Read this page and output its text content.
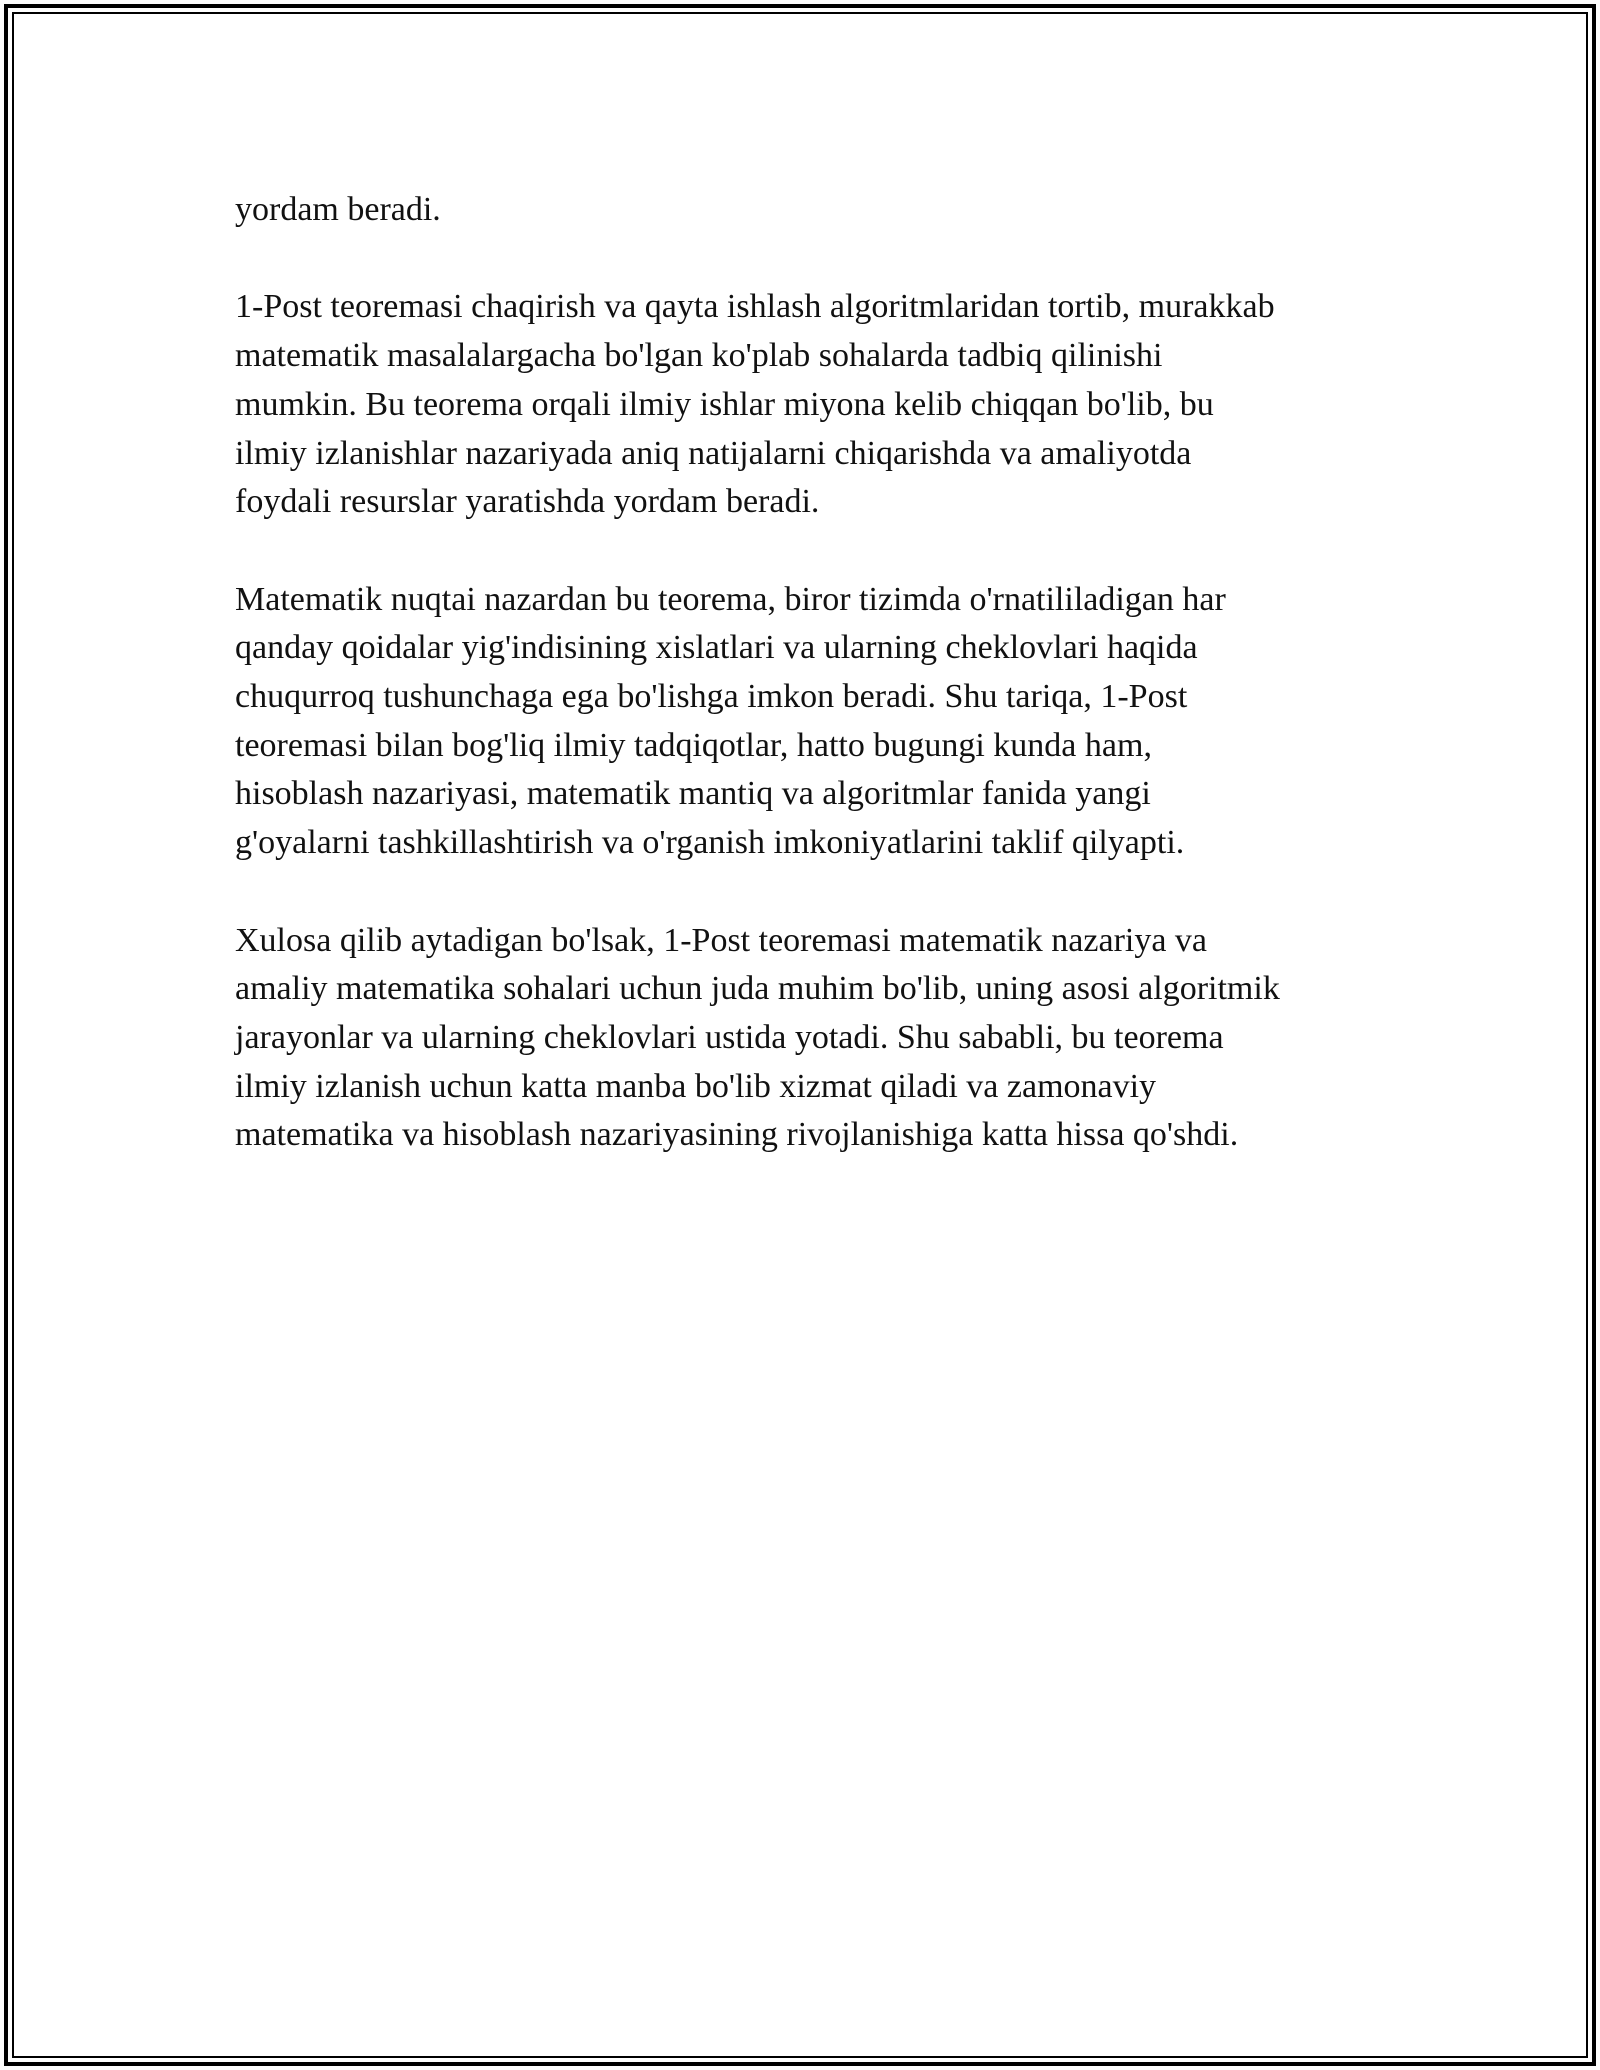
yordam beradi.
1-Post teoremasi chaqirish va qayta ishlash algoritmlaridan tortib, murakkab
matematik masalalargacha bo'lgan ko'plab sohalarda tadbiq qilinishi
mumkin. Bu teorema orqali ilmiy ishlar miyona kelib chiqqan bo'lib, bu
ilmiy izlanishlar nazariyada aniq natijalarni chiqarishda va amaliyotda
foydali resurslar yaratishda yordam beradi.
Matematik nuqtai nazardan bu teorema, biror tizimda o'rnatililadigan har
qanday qoidalar yig'indisining xislatlari va ularning cheklovlari haqida
chuqurroq tushunchaga ega bo'lishga imkon beradi. Shu tariqa, 1-Post
teoremasi bilan bog'liq ilmiy tadqiqotlar, hatto bugungi kunda ham,
hisoblash nazariyasi, matematik mantiq va algoritmlar fanida yangi
g'oyalarni tashkillashtirish va o'rganish imkoniyatlarini taklif qilyapti.
Xulosa qilib aytadigan bo'lsak, 1-Post teoremasi matematik nazariya va
amaliy matematika sohalari uchun juda muhim bo'lib, uning asosi algoritmik
jarayonlar va ularning cheklovlari ustida yotadi. Shu sababli, bu teorema
ilmiy izlanish uchun katta manba bo'lib xizmat qiladi va zamonaviy
matematika va hisoblash nazariyasining rivojlanishiga katta hissa qo'shdi.
